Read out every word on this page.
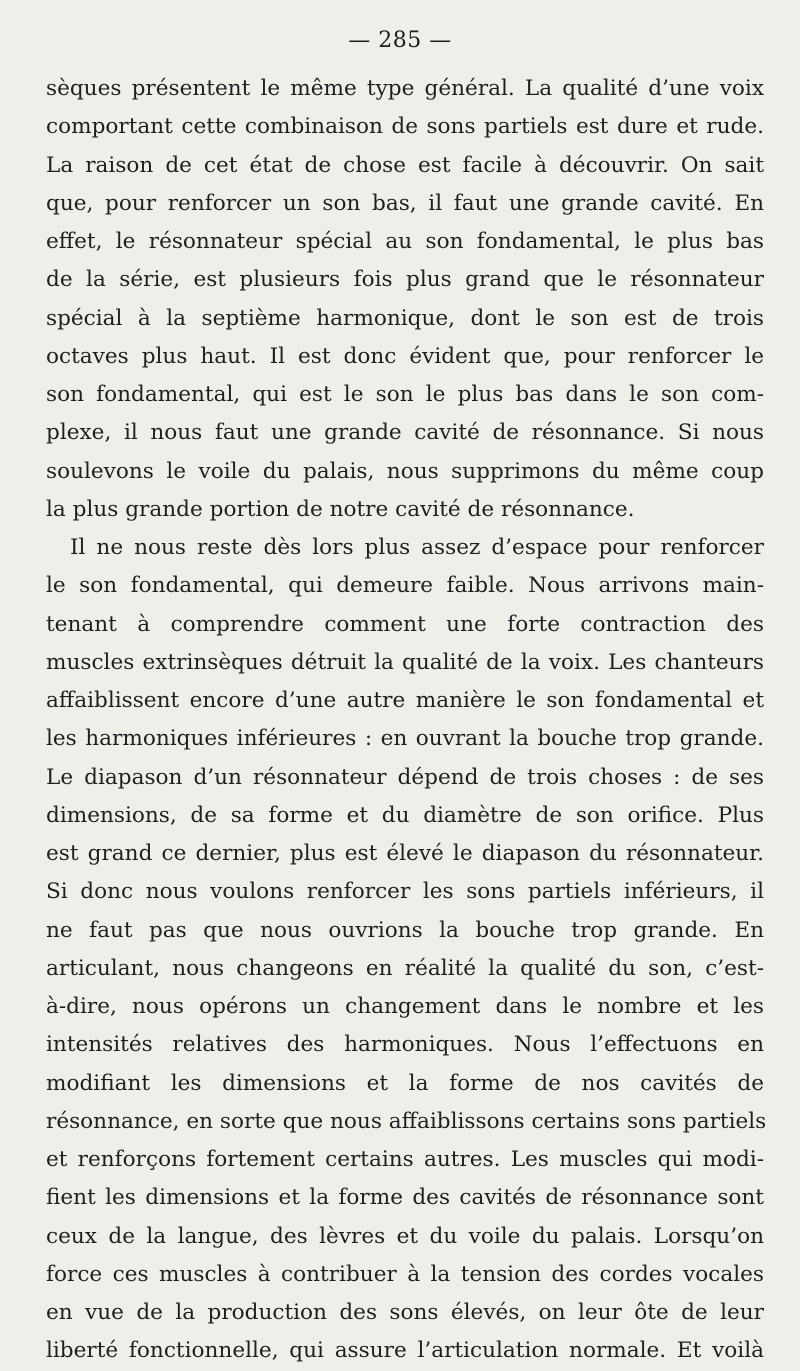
— 285 —
sèques présentent le même type général. La qualité d’une voix
comportant cette combinaison de sons partiels est dure et rude.
La raison de cet état de chose est facile à découvrir. On sait
que, pour renforcer un son bas, il faut une grande cavité. En
effet, le résonnateur spécial au son fondamental, le plus bas
de la série, est plusieurs fois plus grand que le résonnateur
spécial à la septième harmonique, dont le son est de trois
octaves plus haut. Il est donc évident que, pour renforcer le
son fondamental, qui est le son le plus bas dans le son com-
plexe, il nous faut une grande cavité de résonnance. Si nous
soulevons le voile du palais, nous supprimons du même coup
la plus grande portion de notre cavité de résonnance.
Il ne nous reste dès lors plus assez d’espace pour renforcer
le son fondamental, qui demeure faible. Nous arrivons main-
tenant à comprendre comment une forte contraction des
muscles extrinsèques détruit la qualité de la voix. Les chanteurs
affaiblissent encore d’une autre manière le son fondamental et
les harmoniques inférieures : en ouvrant la bouche trop grande.
Le diapason d’un résonnateur dépend de trois choses : de ses
dimensions, de sa forme et du diamètre de son orifice. Plus
est grand ce dernier, plus est élevé le diapason du résonnateur.
Si donc nous voulons renforcer les sons partiels inférieurs, il
ne faut pas que nous ouvrions la bouche trop grande. En
articulant, nous changeons en réalité la qualité du son, c’est-
à-dire, nous opérons un changement dans le nombre et les
intensités relatives des harmoniques. Nous l’effectuons en
modifiant les dimensions et la forme de nos cavités de
résonnance, en sorte que nous affaiblissons certains sons partiels
et renforçons fortement certains autres. Les muscles qui modi-
fient les dimensions et la forme des cavités de résonnance sont
ceux de la langue, des lèvres et du voile du palais. Lorsqu’on
force ces muscles à contribuer à la tension des cordes vocales
en vue de la production des sons élevés, on leur ôte de leur
liberté fonctionnelle, qui assure l’articulation normale. Et voilà
